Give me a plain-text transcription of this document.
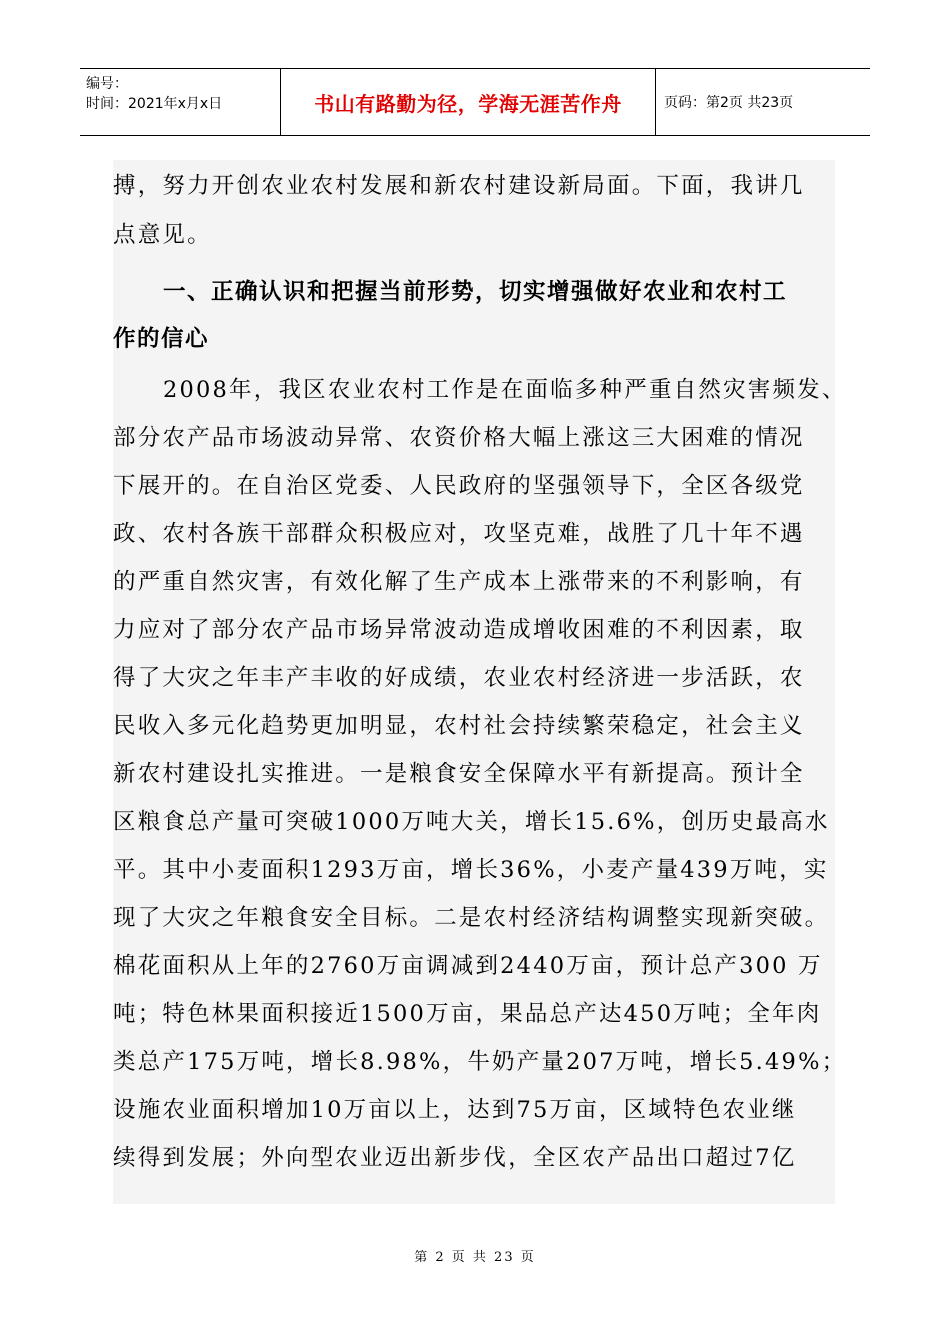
编号：
时间：2021年x月x日	书山有路勤为径，学海无涯苦作舟	页码：第2页 共23页
搏，努力开创农业农村发展和新农村建设新局面。下面，我讲几
点意见。
一、正确认识和把握当前形势，切实增强做好农业和农村工
作的信心
2008年，我区农业农村工作是在面临多种严重自然灾害频发、
部分农产品市场波动异常、农资价格大幅上涨这三大困难的情况
下展开的。在自治区党委、人民政府的坚强领导下，全区各级党
政、农村各族干部群众积极应对，攻坚克难，战胜了几十年不遇
的严重自然灾害，有效化解了生产成本上涨带来的不利影响，有
力应对了部分农产品市场异常波动造成增收困难的不利因素，取
得了大灾之年丰产丰收的好成绩，农业农村经济进一步活跃，农
民收入多元化趋势更加明显，农村社会持续繁荣稳定，社会主义
新农村建设扎实推进。一是粮食安全保障水平有新提高。预计全
区粮食总产量可突破1000万吨大关，增长15.6%，创历史最高水
平。其中小麦面积1293万亩，增长36%，小麦产量439万吨，实
现了大灾之年粮食安全目标。二是农村经济结构调整实现新突破。
棉花面积从上年的2760万亩调减到2440万亩，预计总产300 万
吨；特色林果面积接近1500万亩，果品总产达450万吨；全年肉
类总产175万吨，增长8.98%，牛奶产量207万吨，增长5.49%；
设施农业面积增加10万亩以上，达到75万亩，区域特色农业继
续得到发展；外向型农业迈出新步伐，全区农产品出口超过7亿
第 2 页 共 23 页
